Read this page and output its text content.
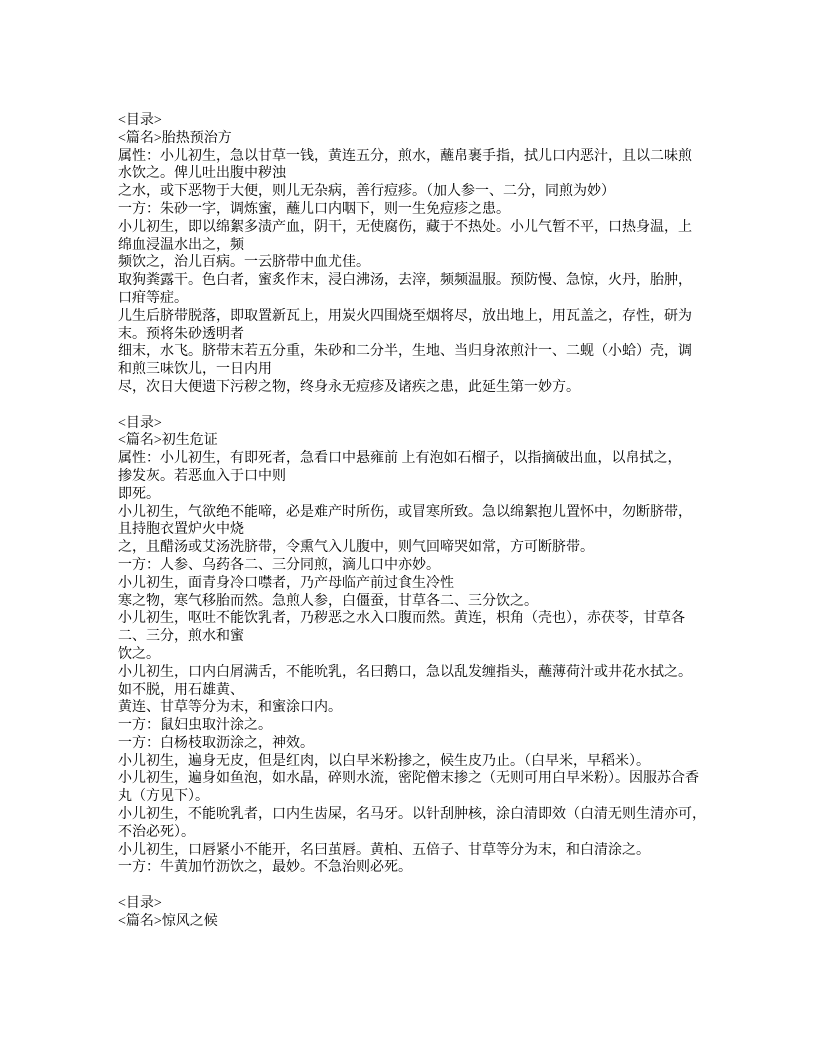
<目录>
<篇名>胎热预治方
属性：小儿初生，急以甘草一钱，黄连五分，煎水，蘸帛裹手指，拭儿口内恶汁，且以二味煎
水饮之。俾儿吐出腹中秽浊
之水，或下恶物于大便，则儿无杂病，善行痘疹。（加人参一、二分，同煎为妙）
一方：朱砂一字，调炼蜜，蘸儿口内咽下，则一生免痘疹之患。
小儿初生，即以绵絮多渍产血，阴干，无使腐伤，藏于不热处。小儿气暂不平，口热身温，上
绵血浸温水出之，频
频饮之，治儿百病。一云脐带中血尤佳。
取狗粪露干。色白者，蜜炙作末，浸白沸汤，去滓，频频温服。预防慢、急惊，火丹，胎肿，
口疳等症。
儿生后脐带脱落，即取置新瓦上，用炭火四围烧至烟将尽，放出地上，用瓦盖之，存性，研为
末。预将朱砂透明者
细末，水飞。脐带末若五分重，朱砂和二分半，生地、当归身浓煎汁一、二蚬（小蛤）壳，调
和煎三味饮儿，一日内用
尽，次日大便遗下污秽之物，终身永无痘疹及诸疾之患，此延生第一妙方。

<目录>
<篇名>初生危证
属性：小儿初生，有即死者，急看口中悬雍前 上有泡如石榴子，以指摘破出血，以帛拭之，
掺发灰。若恶血入于口中则
即死。
小儿初生，气欲绝不能啼，必是难产时所伤，或冒寒所致。急以绵絮抱儿置怀中，勿断脐带，
且持胞衣置炉火中烧
之，且醋汤或艾汤洗脐带，令熏气入儿腹中，则气回啼哭如常，方可断脐带。
一方：人参、乌药各二、三分同煎，滴儿口中亦妙。
小儿初生，面青身冷口噤者，乃产母临产前过食生冷性
寒之物，寒气移胎而然。急煎人参，白僵蚕，甘草各二、三分饮之。
小儿初生，呕吐不能饮乳者，乃秽恶之水入口腹而然。黄连，枳角（壳也），赤茯苓，甘草各
二、三分，煎水和蜜
饮之。
小儿初生，口内白屑满舌，不能吮乳，名曰鹅口，急以乱发缠指头，蘸薄荷汁或井花水拭之。
如不脱，用石雄黄、
黄连、甘草等分为末，和蜜涂口内。
一方：鼠妇虫取汁涂之。
一方：白杨枝取沥涂之，神效。
小儿初生，遍身无皮，但是红肉，以白早米粉掺之，候生皮乃止。（白早米，早稻米）。
小儿初生，遍身如鱼泡，如水晶，碎则水流，密陀僧末掺之（无则可用白早米粉）。因服苏合香
丸（方见下）。
小儿初生，不能吮乳者，口内生齿屎，名马牙。以针刮肿核，涂白清即效（白清无则生清亦可，
不治必死）。
小儿初生，口唇紧小不能开，名曰茧唇。黄柏、五倍子、甘草等分为末，和白清涂之。
一方：牛黄加竹沥饮之，最妙。不急治则必死。

<目录>
<篇名>惊风之候
